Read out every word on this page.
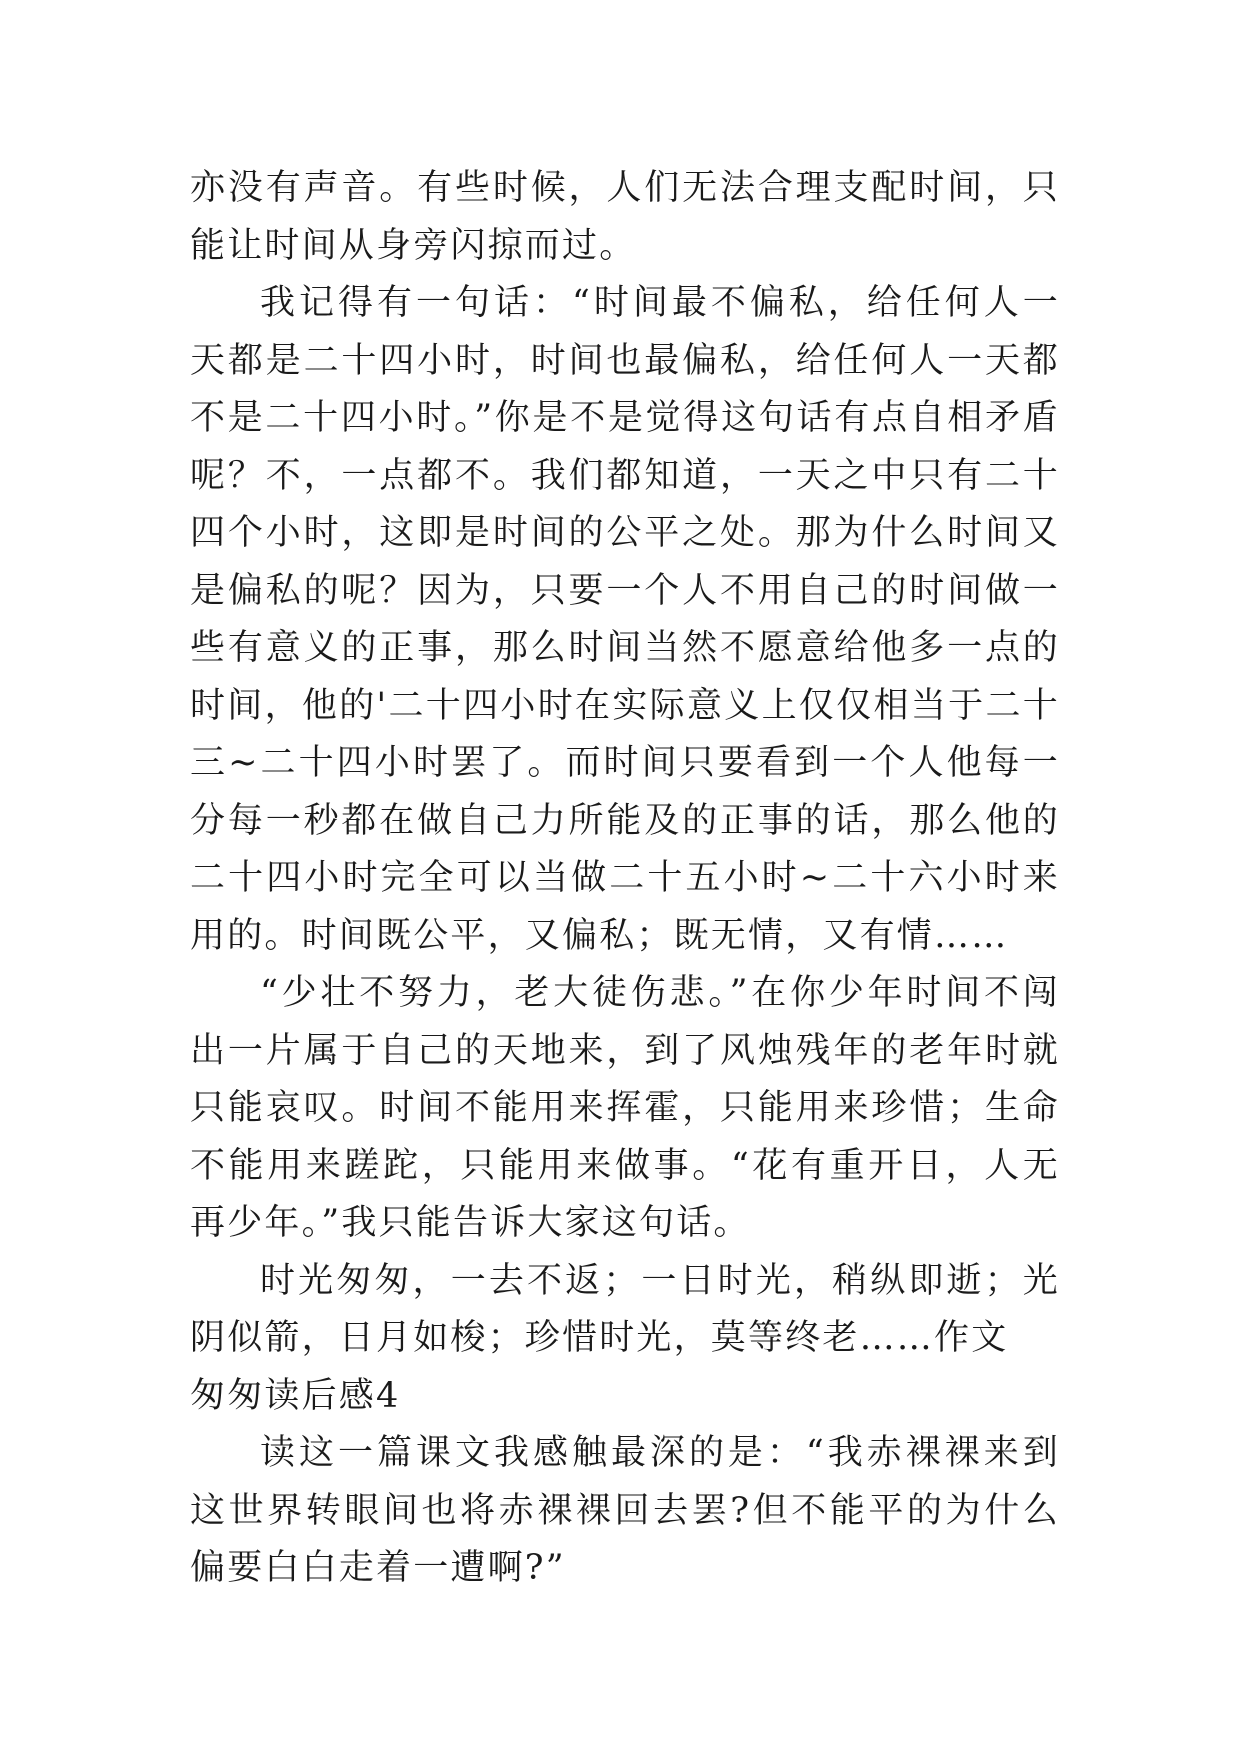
亦没有声音。有些时候，人们无法合理支配时间，只能让时间从身旁闪掠而过。

我记得有一句话：“时间最不偏私，给任何人一天都是二十四小时，时间也最偏私，给任何人一天都不是二十四小时。”你是不是觉得这句话有点自相矛盾呢？不，一点都不。我们都知道，一天之中只有二十四个小时，这即是时间的公平之处。那为什么时间又是偏私的呢？因为，只要一个人不用自己的时间做一些有意义的正事，那么时间当然不愿意给他多一点的时间，他的'二十四小时在实际意义上仅仅相当于二十三~二十四小时罢了。而时间只要看到一个人他每一分每一秒都在做自己力所能及的正事的话，那么他的二十四小时完全可以当做二十五小时~二十六小时来用的。时间既公平，又偏私；既无情，又有情……

“少壮不努力，老大徒伤悲。”在你少年时间不闯出一片属于自己的天地来，到了风烛残年的老年时就只能哀叹。时间不能用来挥霍，只能用来珍惜；生命不能用来蹉跎，只能用来做事。“花有重开日，人无再少年。”我只能告诉大家这句话。

时光匆匆，一去不返；一日时光，稍纵即逝；光阴似箭，日月如梭；珍惜时光，莫等终老……作文

匆匆读后感4

读这一篇课文我感触最深的是：“我赤裸裸来到这世界转眼间也将赤裸裸回去罢?但不能平的为什么偏要白白走着一遭啊?”
